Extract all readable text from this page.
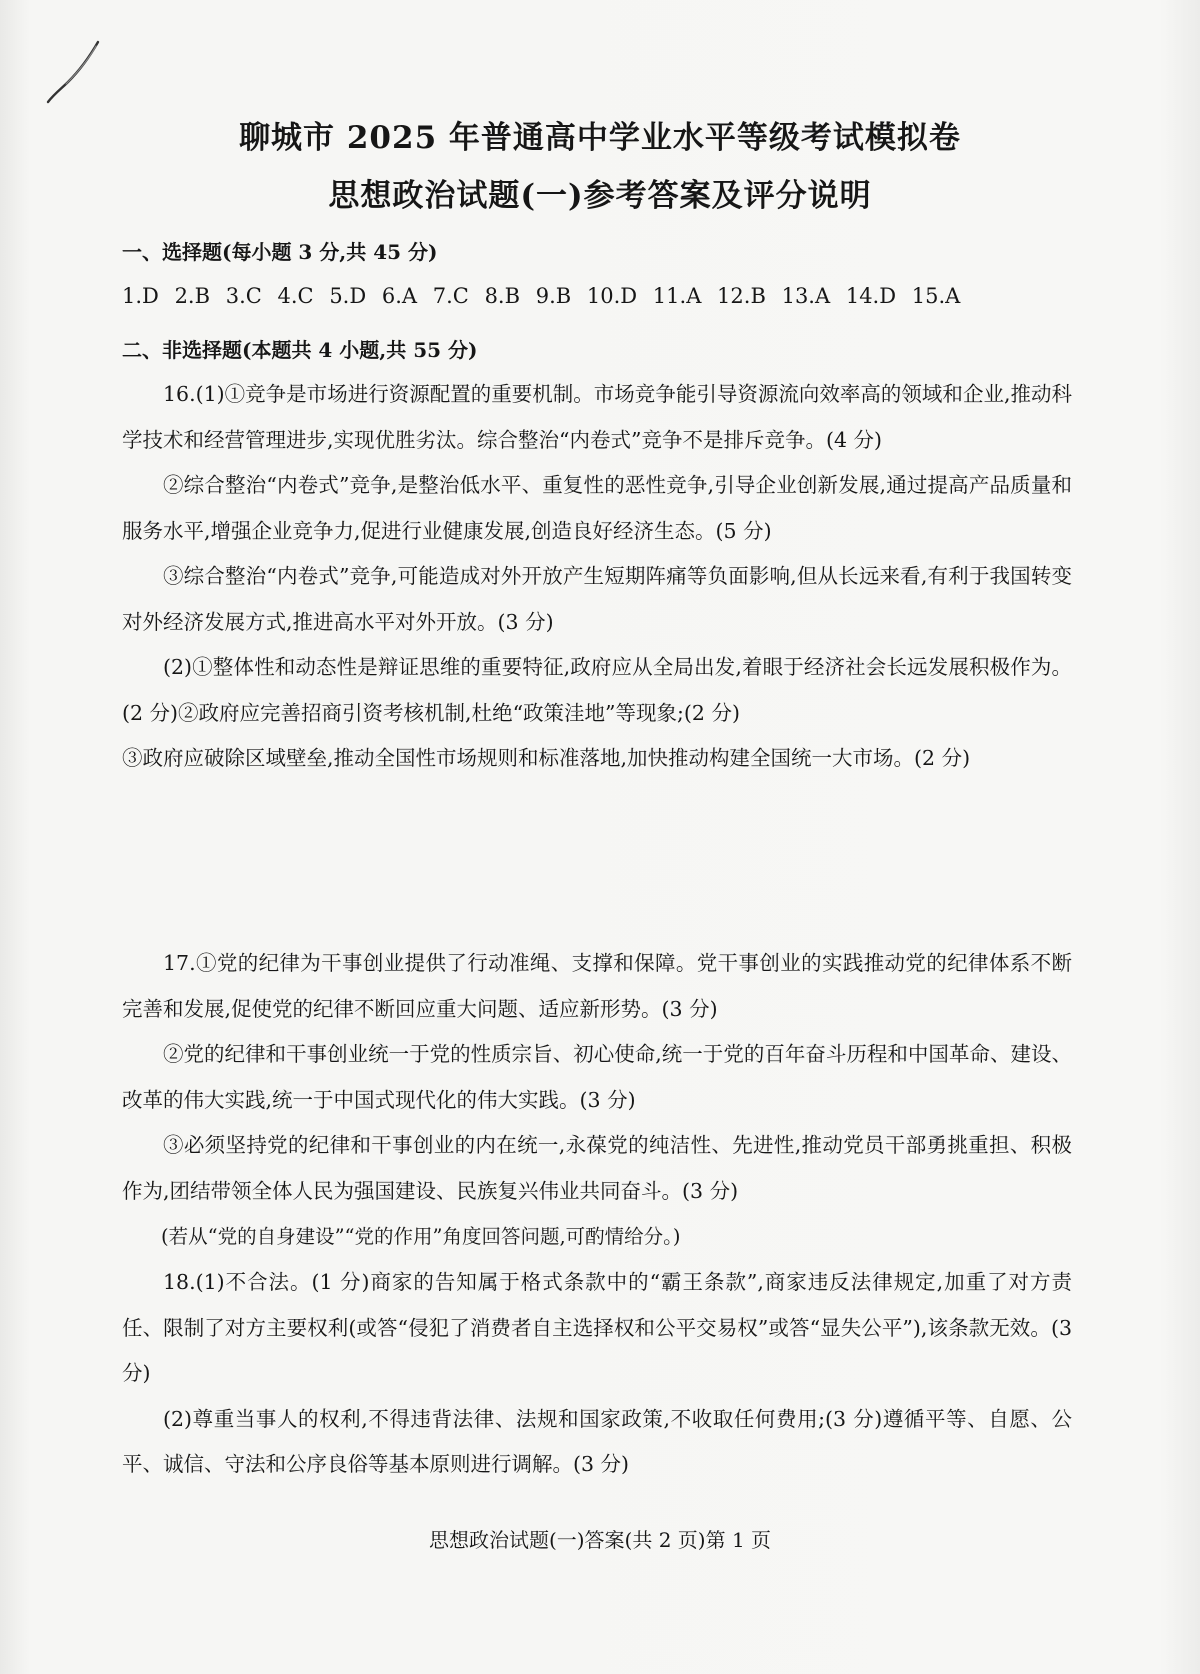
聊城市 2025 年普通高中学业水平等级考试模拟卷
思想政治试题(一)参考答案及评分说明
一、选择题(每小题 3 分,共 45 分)
1.D 2.B 3.C 4.C 5.D 6.A 7.C 8.B 9.B 10.D 11.A 12.B 13.A 14.D 15.A
二、非选择题(本题共 4 小题,共 55 分)

16.(1)①竞争是市场进行资源配置的重要机制。市场竞争能引导资源流向效率高的领域和企业,推动科学技术和经营管理进步,实现优胜劣汰。综合整治“内卷式”竞争不是排斥竞争。(4 分)

②综合整治“内卷式”竞争,是整治低水平、重复性的恶性竞争,引导企业创新发展,通过提高产品质量和服务水平,增强企业竞争力,促进行业健康发展,创造良好经济生态。(5 分)

③综合整治“内卷式”竞争,可能造成对外开放产生短期阵痛等负面影响,但从长远来看,有利于我国转变对外经济发展方式,推进高水平对外开放。(3 分)

(2)①整体性和动态性是辩证思维的重要特征,政府应从全局出发,着眼于经济社会长远发展积极作为。(2 分)②政府应完善招商引资考核机制,杜绝“政策洼地”等现象;(2 分)

③政府应破除区域壁垒,推动全国性市场规则和标准落地,加快推动构建全国统一大市场。(2 分)

17.①党的纪律为干事创业提供了行动准绳、支撑和保障。党干事创业的实践推动党的纪律体系不断完善和发展,促使党的纪律不断回应重大问题、适应新形势。(3 分)

②党的纪律和干事创业统一于党的性质宗旨、初心使命,统一于党的百年奋斗历程和中国革命、建设、改革的伟大实践,统一于中国式现代化的伟大实践。(3 分)

③必须坚持党的纪律和干事创业的内在统一,永葆党的纯洁性、先进性,推动党员干部勇挑重担、积极作为,团结带领全体人民为强国建设、民族复兴伟业共同奋斗。(3 分)

(若从“党的自身建设”“党的作用”角度回答问题,可酌情给分。)

18.(1)不合法。(1 分)商家的告知属于格式条款中的“霸王条款”,商家违反法律规定,加重了对方责任、限制了对方主要权利(或答“侵犯了消费者自主选择权和公平交易权”或答“显失公平”),该条款无效。(3 分)

(2)尊重当事人的权利,不得违背法律、法规和国家政策,不收取任何费用;(3 分)遵循平等、自愿、公平、诚信、守法和公序良俗等基本原则进行调解。(3 分)

思想政治试题(一)答案(共 2 页)第 1 页
